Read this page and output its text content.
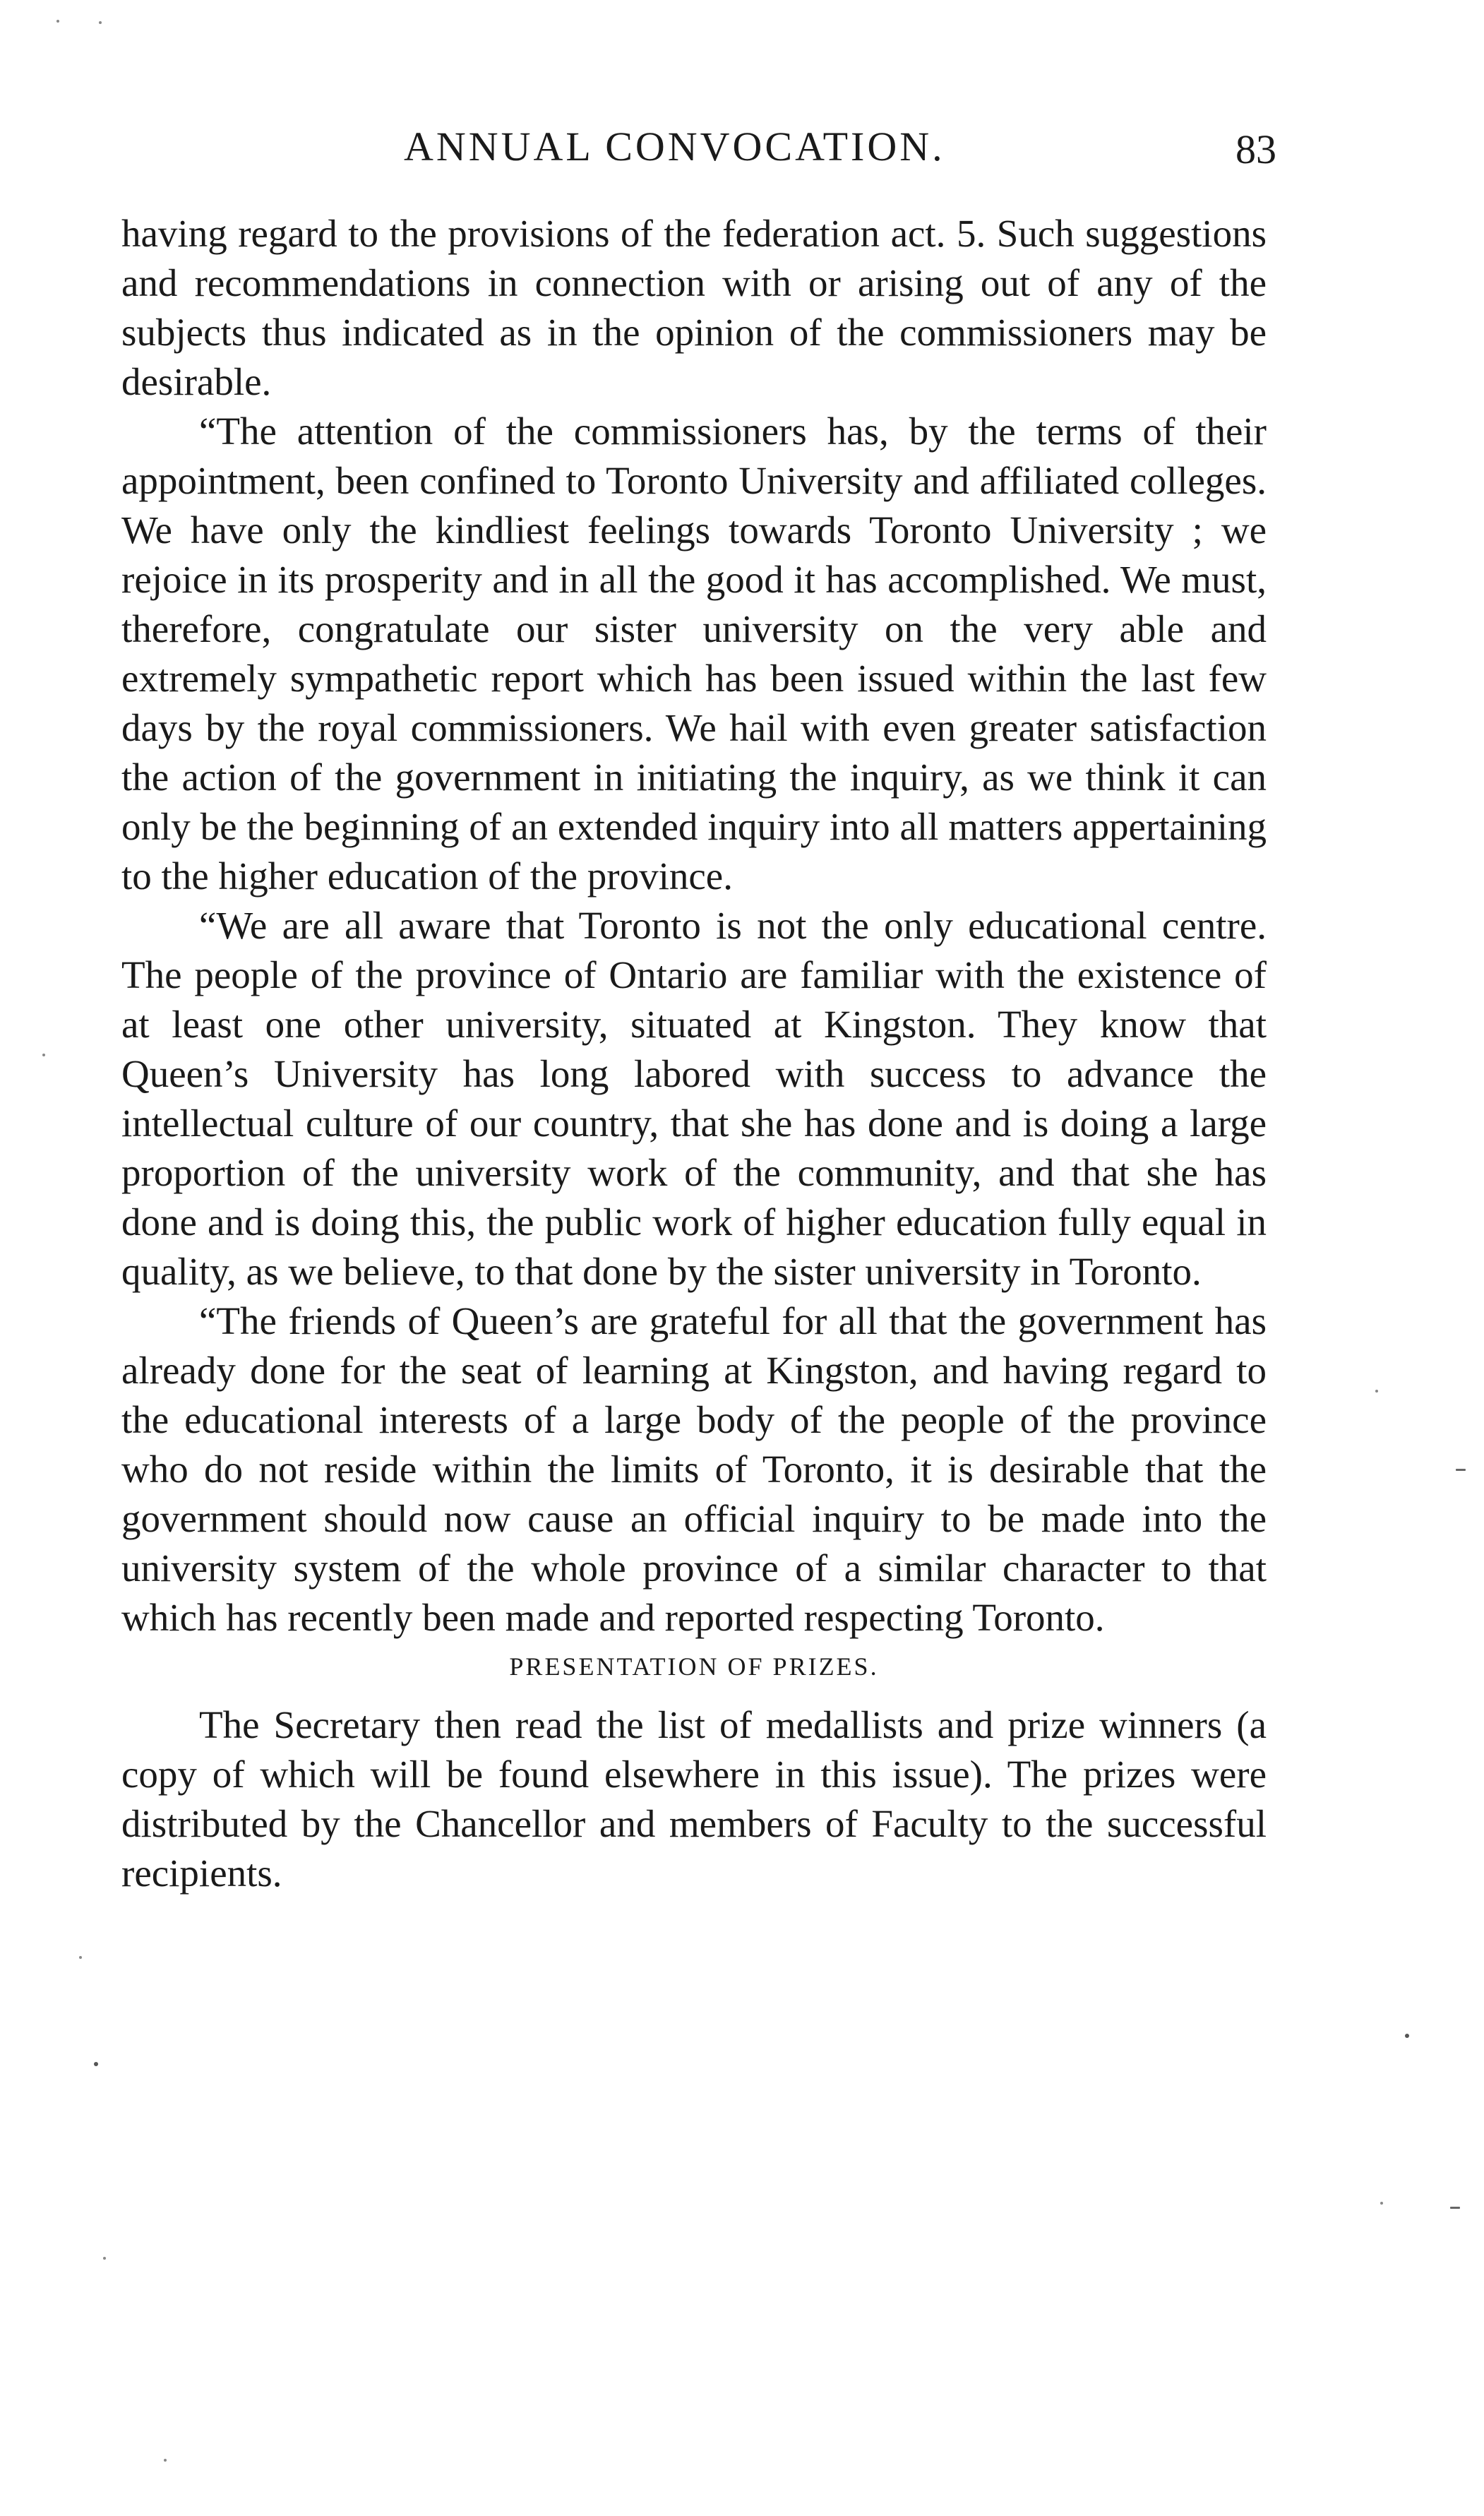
ANNUAL CONVOCATION.	83

having regard to the provisions of the federation act. 5. Such suggestions and recommendations in connection with or arising out of any of the subjects thus indicated as in the opinion of the commissioners may be desirable.

“The attention of the commissioners has, by the terms of their appointment, been confined to Toronto University and affiliated colleges. We have only the kindliest feelings towards Toronto University ; we rejoice in its prosperity and in all the good it has accomplished. We must, therefore, congratulate our sister university on the very able and extremely sympathetic report which has been issued within the last few days by the royal commissioners. We hail with even greater satisfaction the action of the government in initiating the inquiry, as we think it can only be the beginning of an extended inquiry into all matters appertaining to the higher education of the province.

“We are all aware that Toronto is not the only educational centre. The people of the province of Ontario are familiar with the existence of at least one other university, situated at Kingston. They know that Queen’s University has long labored with success to advance the intellectual culture of our country, that she has done and is doing a large proportion of the university work of the community, and that she has done and is doing this, the public work of higher education fully equal in quality, as we believe, to that done by the sister university in Toronto.

“The friends of Queen’s are grateful for all that the government has already done for the seat of learning at Kingston, and having regard to the educational interests of a large body of the people of the province who do not reside within the limits of Toronto, it is desirable that the government should now cause an official inquiry to be made into the university system of the whole province of a similar character to that which has recently been made and reported respecting Toronto.

PRESENTATION OF PRIZES.

The Secretary then read the list of medallists and prize winners (a copy of which will be found elsewhere in this issue). The prizes were distributed by the Chancellor and members of Faculty to the successful recipients.
